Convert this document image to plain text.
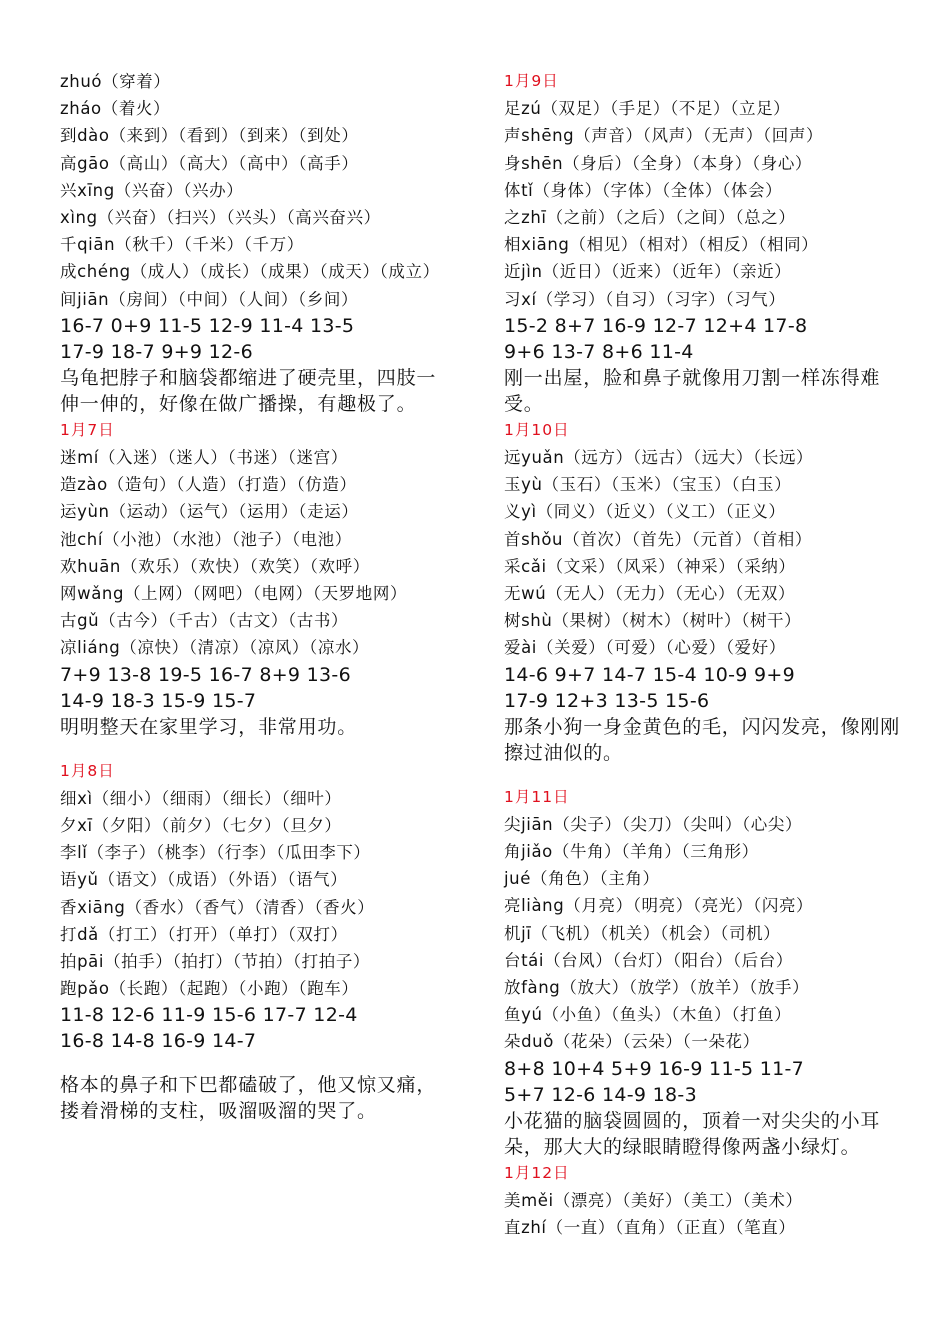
zhuó（穿着）
zháo（着火）
到dào（来到）（看到）（到来）（到处）
高gāo（高山）（高大）（高中）（高手）
兴xīng（兴奋）（兴办）
xìng（兴奋）（扫兴）（兴头）（高兴奋兴）
千qiān（秋千）（千米）（千万）
成chéng（成人）（成长）（成果）（成天）（成立）
间jiān（房间）（中间）（人间）（乡间）
16-7 0+9 11-5 12-9 11-4 13-5
17-9 18-7 9+9 12-6
乌龟把脖子和脑袋都缩进了硬壳里，四肢一伸一伸的，好像在做广播操，有趣极了。
1月7日
迷mí（入迷）（迷人）（书迷）（迷宫）
造zào（造句）（人造）（打造）（仿造）
运yùn（运动）（运气）（运用）（走运）
池chí（小池）（水池）（池子）（电池）
欢huān（欢乐）（欢快）（欢笑）（欢呼）
网wǎng（上网）（网吧）（电网）（天罗地网）
古gǔ（古今）（千古）（古文）（古书）
凉liáng（凉快）（清凉）（凉风）（凉水）
7+9 13-8 19-5 16-7 8+9 13-6
14-9 18-3 15-9 15-7
明明整天在家里学习，非常用功。
1月8日
细xì（细小）（细雨）（细长）（细叶）
夕xī（夕阳）（前夕）（七夕）（旦夕）
李lǐ（李子）（桃李）（行李）（瓜田李下）
语yǔ（语文）（成语）（外语）（语气）
香xiāng（香水）（香气）（清香）（香火）
打dǎ（打工）（打开）（单打）（双打）
拍pāi（拍手）（拍打）（节拍）（打拍子）
跑pǎo（长跑）（起跑）（小跑）（跑车）
11-8 12-6 11-9 15-6 17-7 12-4
16-8 14-8 16-9 14-7
格本的鼻子和下巴都磕破了，他又惊又痛，搂着滑梯的支柱，吸溜吸溜的哭了。
1月9日
足zú（双足）（手足）（不足）（立足）
声shēng（声音）（风声）（无声）（回声）
身shēn（身后）（全身）（本身）（身心）
体tǐ（身体）（字体）（全体）（体会）
之zhī（之前）（之后）（之间）（总之）
相xiāng（相见）（相对）（相反）（相同）
近jìn（近日）（近来）（近年）（亲近）
习xí（学习）（自习）（习字）（习气）
15-2 8+7 16-9 12-7 12+4 17-8
9+6 13-7 8+6 11-4
刚一出屋，脸和鼻子就像用刀割一样冻得难受。
1月10日
远yuǎn（远方）（远古）（远大）（长远）
玉yù（玉石）（玉米）（宝玉）（白玉）
义yì（同义）（近义）（义工）（正义）
首shǒu（首次）（首先）（元首）（首相）
采cǎi（文采）（风采）（神采）（采纳）
无wú（无人）（无力）（无心）（无双）
树shù（果树）（树木）（树叶）（树干）
爱ài（关爱）（可爱）（心爱）（爱好）
14-6 9+7 14-7 15-4 10-9 9+9
17-9 12+3 13-5 15-6
那条小狗一身金黄色的毛，闪闪发亮，像刚刚擦过油似的。
1月11日
尖jiān（尖子）（尖刀）（尖叫）（心尖）
角jiǎo（牛角）（羊角）（三角形）
jué（角色）（主角）
亮liàng（月亮）（明亮）（亮光）（闪亮）
机jī（飞机）（机关）（机会）（司机）
台tái（台风）（台灯）（阳台）（后台）
放fàng（放大）（放学）（放羊）（放手）
鱼yú（小鱼）（鱼头）（木鱼）（打鱼）
朵duǒ（花朵）（云朵）（一朵花）
8+8 10+4 5+9 16-9 11-5 11-7
5+7 12-6 14-9 18-3
小花猫的脑袋圆圆的，顶着一对尖尖的小耳朵，那大大的绿眼睛瞪得像两盏小绿灯。
1月12日
美měi（漂亮）（美好）（美工）（美术）
直zhí（一直）（直角）（正直）（笔直）
